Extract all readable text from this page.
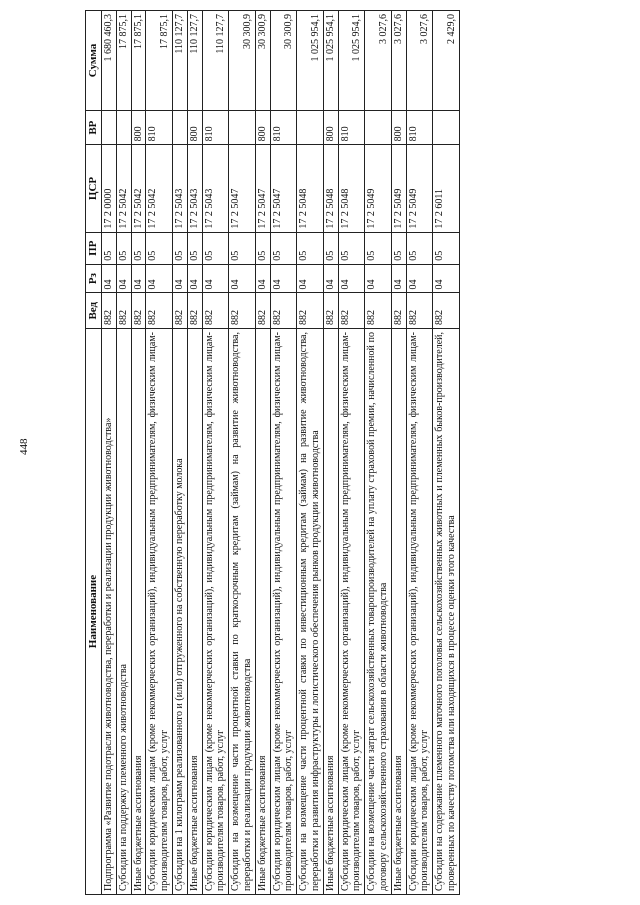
448
Наименование	Вед	Рз	ПР	ЦСР	ВР	Сумма
Подпрограмма «Развитие подотрасли животноводства, переработки и реализации продукции животноводства»	882	04	05	17 2 0000		1 680 460,3
Субсидии на поддержку племенного животноводства	882	04	05	17 2 5042		17 875,1
Иные бюджетные ассигнования	882	04	05	17 2 5042	800	17 875,1
Субсидии юридическим лицам (кроме некоммерческих организаций), индивидуальным предпринимателям, физическим лицам-производителям товаров, работ, услуг	882	04	05	17 2 5042	810	17 875,1
Субсидии на 1 килограмм реализованного и (или) отгруженного на собственную переработку молока	882	04	05	17 2 5043		110 127,7
Иные бюджетные ассигнования	882	04	05	17 2 5043	800	110 127,7
Субсидии юридическим лицам (кроме некоммерческих организаций), индивидуальным предпринимателям, физическим лицам-производителям товаров, работ, услуг	882	04	05	17 2 5043	810	110 127,7
Субсидии на возмещение части процентной ставки по краткосрочным кредитам (займам) на развитие животноводства, переработки и реализации продукции животноводства	882	04	05	17 2 5047		30 300,9
Иные бюджетные ассигнования	882	04	05	17 2 5047	800	30 300,9
Субсидии юридическим лицам (кроме некоммерческих организаций), индивидуальным предпринимателям, физическим лицам-производителям товаров, работ, услуг	882	04	05	17 2 5047	810	30 300,9
Субсидии на возмещение части процентной ставки по инвестиционным кредитам (займам) на развитие животноводства, переработки и развития инфраструктуры и логистического обеспечения рынков продукции животноводства	882	04	05	17 2 5048		1 025 954,1
Иные бюджетные ассигнования	882	04	05	17 2 5048	800	1 025 954,1
Субсидии юридическим лицам (кроме некоммерческих организаций), индивидуальным предпринимателям, физическим лицам-производителям товаров, работ, услуг	882	04	05	17 2 5048	810	1 025 954,1
Субсидии на возмещение части затрат сельскохозяйственных товаропроизводителей на уплату страховой премии, начисленной по договору сельскохозяйственного страхования в области животноводства	882	04	05	17 2 5049		3 027,6
Иные бюджетные ассигнования	882	04	05	17 2 5049	800	3 027,6
Субсидии юридическим лицам (кроме некоммерческих организаций), индивидуальным предпринимателям, физическим лицам-производителям товаров, работ, услуг	882	04	05	17 2 5049	810	3 027,6
Субсидии на содержание племенного маточного поголовья сельскохозяйственных животных и племенных быков-производителей, проверенных по качеству потомства или находящихся в процессе оценки этого качества	882	04	05	17 2 6011		2 429,0
